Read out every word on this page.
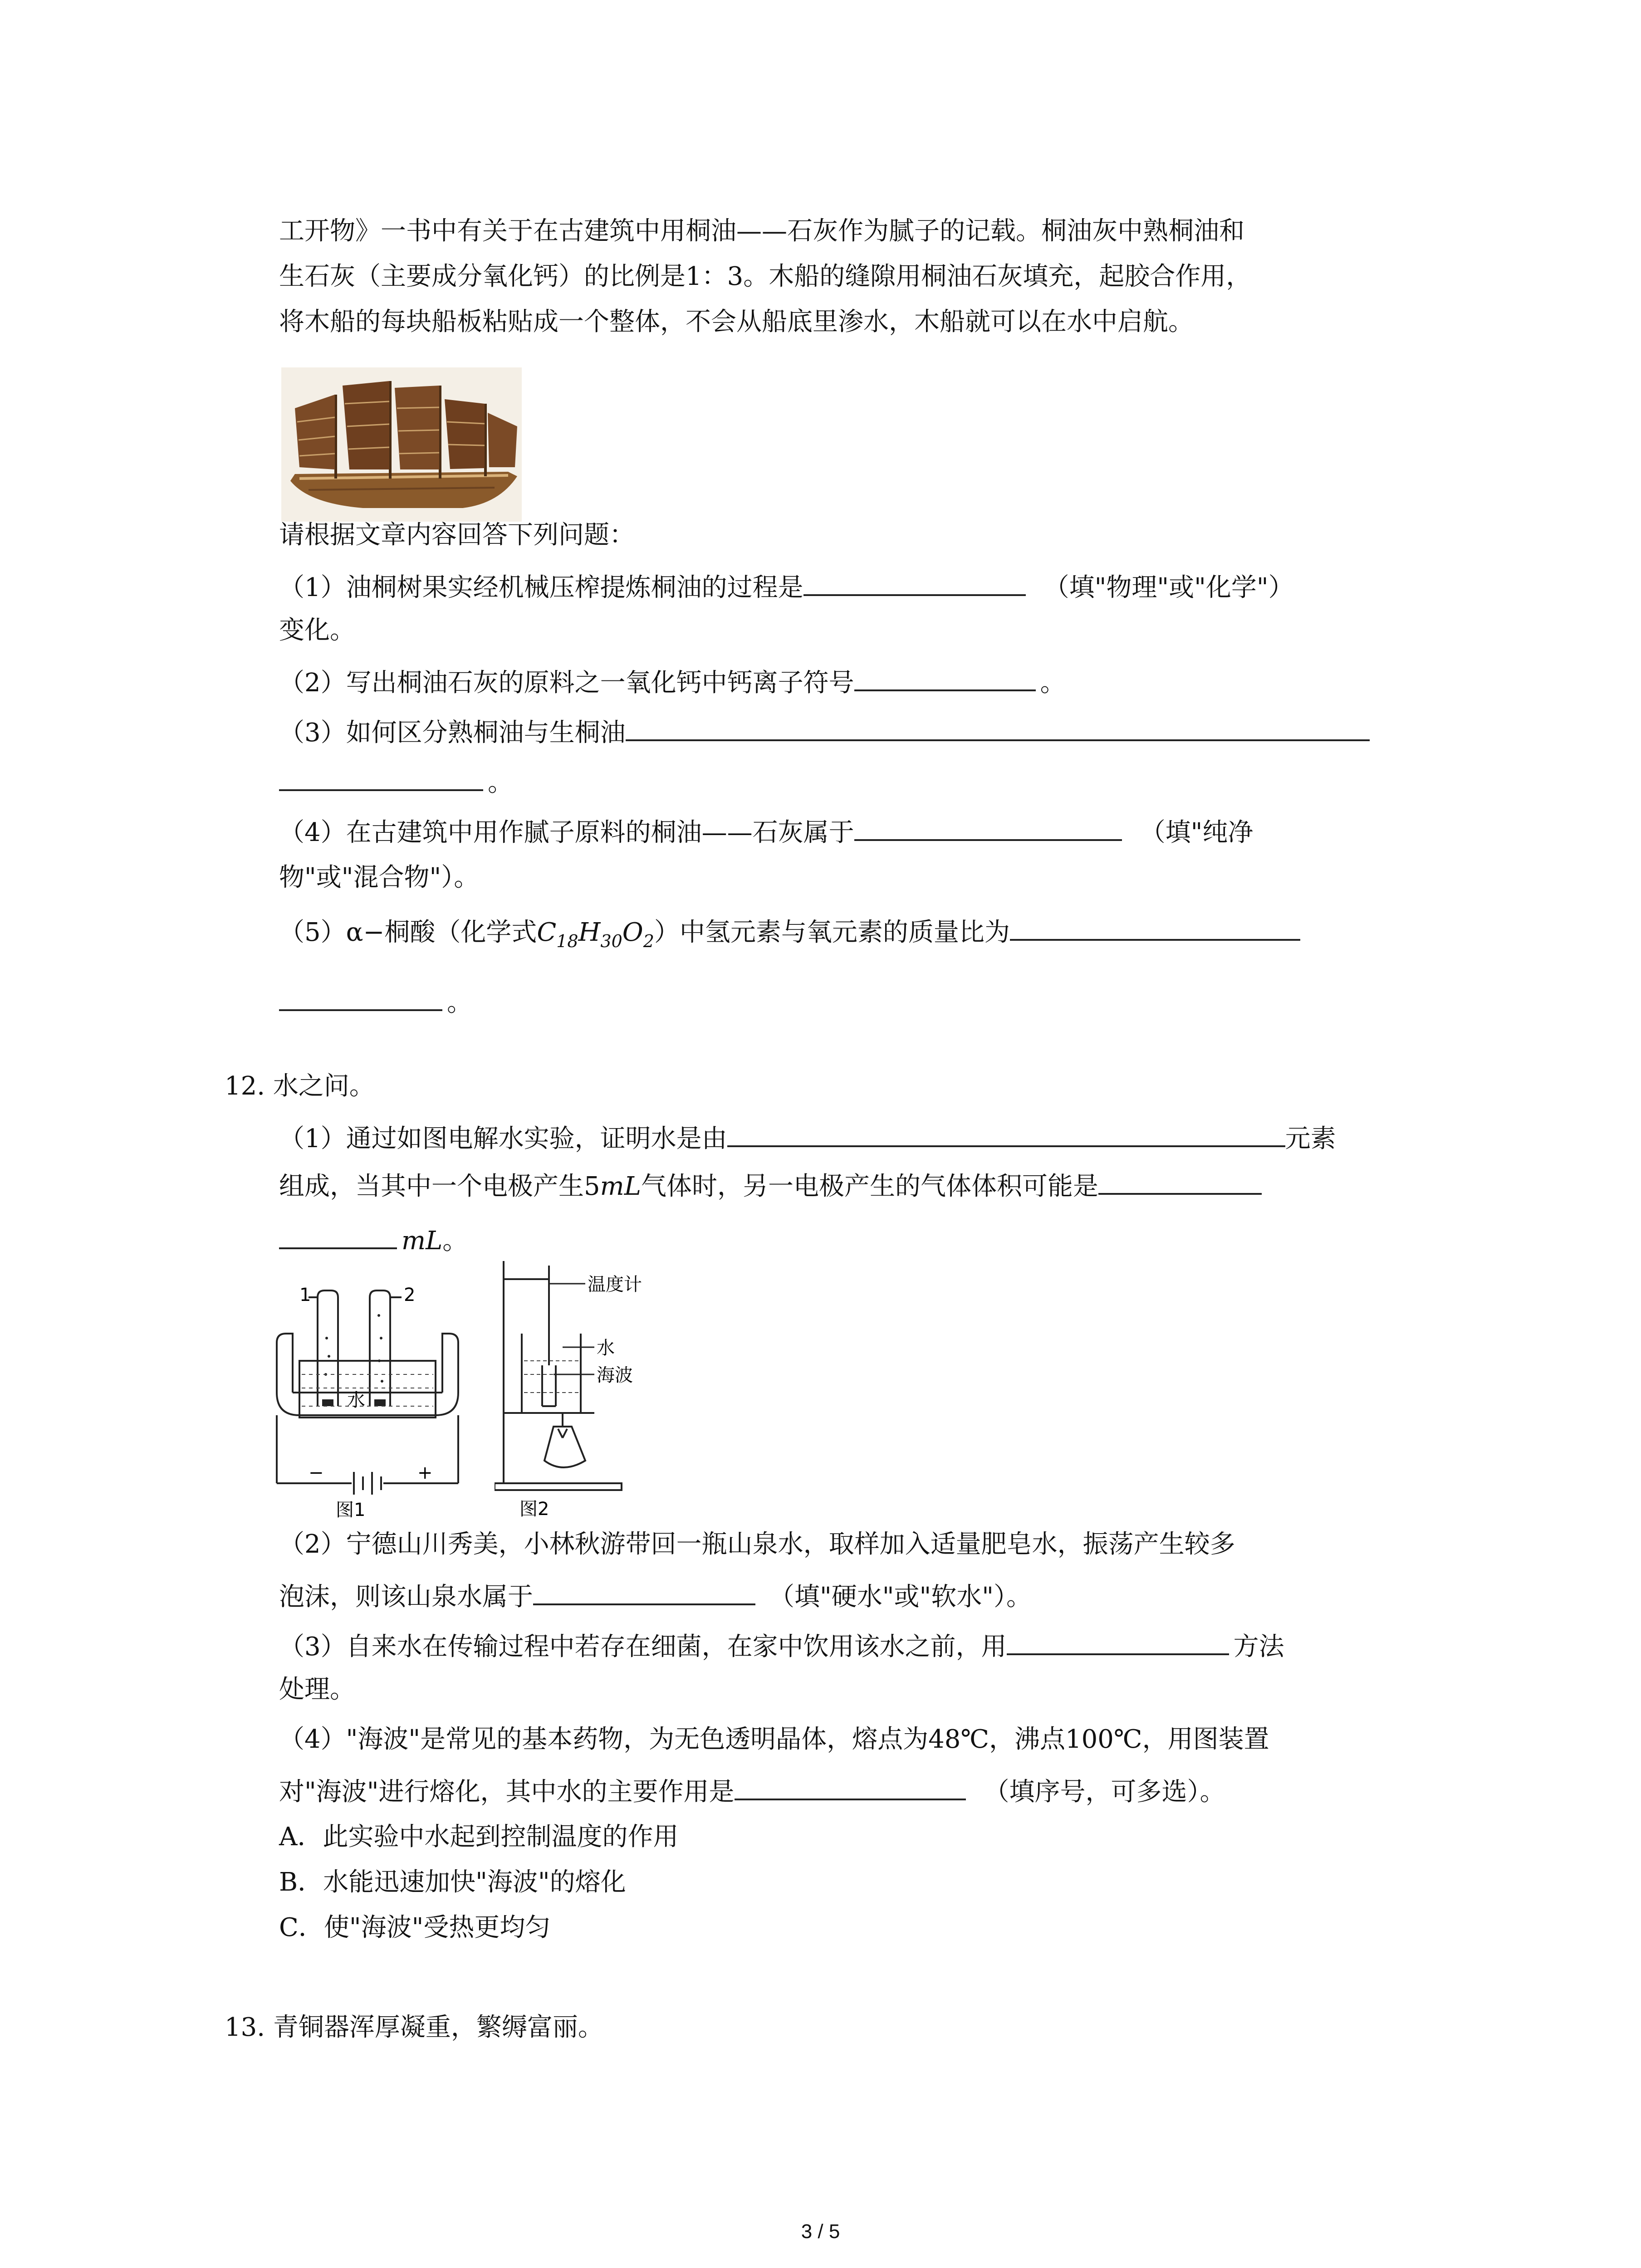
工开物》一书中有关于在古建筑中用桐油——石灰作为腻子的记载。桐油灰中熟桐油和
生石灰（主要成分氧化钙）的比例是1：3。木船的缝隙用桐油石灰填充，起胶合作用，
将木船的每块船板粘贴成一个整体，不会从船底里渗水，木船就可以在水中启航。
请根据文章内容回答下列问题：
（1）油桐树果实经机械压榨提炼桐油的过程是	（填"物理"或"化学"）
变化。
（2）写出桐油石灰的原料之一氧化钙中钙离子符号	。
（3）如何区分熟桐油与生桐油
。
（4）在古建筑中用作腻子原料的桐油——石灰属于	（填"纯净
物"或"混合物"）。
（5）α−桐酸（化学式$C_{18}H_{30}O_2$）中氢元素与氧元素的质量比为
。
12. 水之问。
（1）通过如图电解水实验，证明水是由	元素
组成，当其中一个电极产生5mL气体时，另一电极产生的气体体积可能是
mL。
1	2
水
−	+
图1
温度计
水
海波
图2
（2）宁德山川秀美，小林秋游带回一瓶山泉水，取样加入适量肥皂水，振荡产生较多
泡沫，则该山泉水属于	（填"硬水"或"软水"）。
（3）自来水在传输过程中若存在细菌，在家中饮用该水之前，用	方法
处理。
（4）"海波"是常见的基本药物，为无色透明晶体，熔点为48℃，沸点100℃，用图装置
对"海波"进行熔化，其中水的主要作用是	（填序号，可多选）。
A．此实验中水起到控制温度的作用
B．水能迅速加快"海波"的熔化
C．使"海波"受热更均匀
13. 青铜器浑厚凝重，繁缛富丽。
3 / 5
